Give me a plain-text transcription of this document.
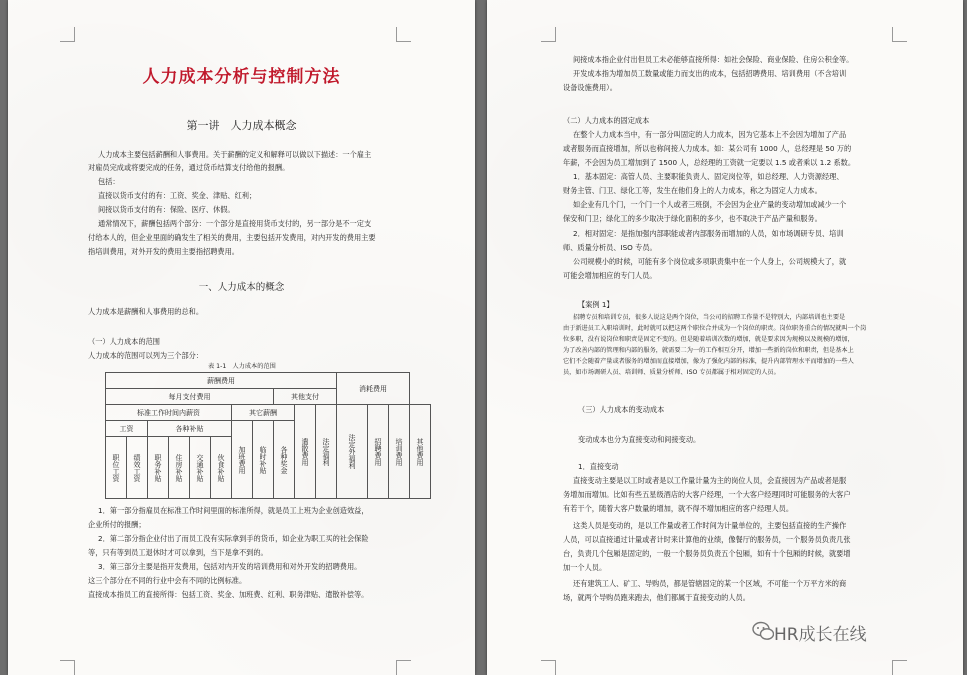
人力成本分析与控制方法
第一讲　人力成本概念
人力成本主要包括薪酬和人事费用。关于薪酬的定义和解释可以做以下描述：一个雇主
对雇员完成或将要完成的任务，通过货币结算支付给他的报酬。
包括：
直接以货币支付的有：工资、奖金、津贴、红利；
间接以货币支付的有：保险、医疗、休假。
通常情况下，薪酬包括两个部分：一个部分是直接用货币支付的，另一部分是不一定支
付给本人的，但企业里面的确发生了相关的费用，主要包括开发费用，对内开发的费用主要
指培训费用，对外开发的费用主要指招聘费用。
一、人力成本的概念
人力成本是薪酬和人事费用的总和。
（一）人力成本的范围
人力成本的范围可以列为三个部分：
表 1-1　人力成本的范围
薪酬费用											消耗费用			
每月支付费用								其他支付						
标准工作时间内薪资						其它薪酬			遣散费用	法定福利	法定外福利	招聘费用	培训费用	其他费用
工资		各种补贴				加班费用	临时补贴	各种奖金						
职位工资	绩效工资	职务补贴	住房补贴	交通补贴	伙食补贴									
1．第一部分指雇员在标准工作时间里面的标准所得，就是员工上班为企业创造效益，
企业所付的报酬；
2．第二部分指企业付出了而员工没有实际拿到手的货币，如企业为职工买的社会保险
等，只有等到员工退休时才可以拿到，当下是拿不到的。
3．第三部分主要是指开发费用，包括对内开发的培训费用和对外开发的招聘费用。
这三个部分在不同的行业中会有不同的比例标准。
直接成本指员工的直接所得：包括工资、奖金、加班费、红利、职务津贴、遣散补偿等。
间接成本指企业付出但员工未必能够直接所得：如社会保险、商业保险、住房公积金等。
开发成本指为增加员工数量或能力而支出的成本，包括招聘费用、培训费用（不含培训
设备设施费用）。
（二）人力成本的固定成本
在整个人力成本当中，有一部分叫固定的人力成本，因为它基本上不会因为增加了产品
或者服务而直接增加，所以也称间接人力成本。如：某公司有 1000 人，总经理是 50 万的
年薪，不会因为员工增加到了 1500 人，总经理的工资就一定要以 1.5 或者乘以 1.2 系数。
1．基本固定：高管人员、主要职能负责人、固定岗位等，如总经理、人力资源经理、
财务主管、门卫、绿化工等，发生在他们身上的人力成本，称之为固定人力成本。
如企业有几个门，一个门一个人或者三班倒，不会因为企业产量的变动增加或减少一个
保安和门卫；绿化工的多少取决于绿化面积的多少，也不取决于产品产量和服务。
2．相对固定：是指加强内部职能或者内部服务而增加的人员，如市场调研专员、培训
师、质量分析员、ISO 专员。
公司规模小的时候，可能有多个岗位或多项职责集中在一个人身上，公司规模大了，就
可能会增加相应的专门人员。
【案例 1】
招聘专员和培训专员，很多人说这是两个岗位，当公司的招聘工作量不是特别大，内部培训也主要是
由于新进员工入职培训时，此时就可以把这两个职位合并成为一个岗位的职责。岗位职务重合的情况就叫一个岗
位多职，没有说岗位和职责是固定不变的。但是随着培训次数的增加，就是要求因为规模以及规模的增加，
为了改善内部的管理和内部的服务，就需要二为一的工作相互分开，增加一些新的岗位和职责，但是基本上
它们不会随着产量或者服务的增加而直接增加，像为了强化内部的标准，提升内部管理水平而增加的一些人
员，如市场调研人员、培训师、质量分析师、ISO 专员都属于相对固定的人员。
（三）人力成本的变动成本
变动成本也分为直接变动和间接变动。
1．直接变动
直接变动主要是以工时或者是以工作量计量为主的岗位人员，会直接因为产品或者是服
务增加而增加。比如有些五星级酒店的大客户经理，一个大客户经理同时可能服务的大客户
有若干个，随着大客户数量的增加，就不得不增加相应的客户经理人员。
这类人员是变动的，是以工作量或者工作时间为计量单位的，主要包括直接的生产操作
人员，可以直接通过计量或者计时来计算他的业绩，像餐厅的服务员，一个服务员负责几张
台，负责几个包厢是固定的，一般一个服务员负责五个包厢，如有十个包厢的时候，就要增
加一个人员。
还有建筑工人、矿工、导购员，都是管辖固定的某一个区域，不可能一个万平方米的商
场，就两个导购员跑来跑去，他们都属于直接变动的人员。
HR成长在线
